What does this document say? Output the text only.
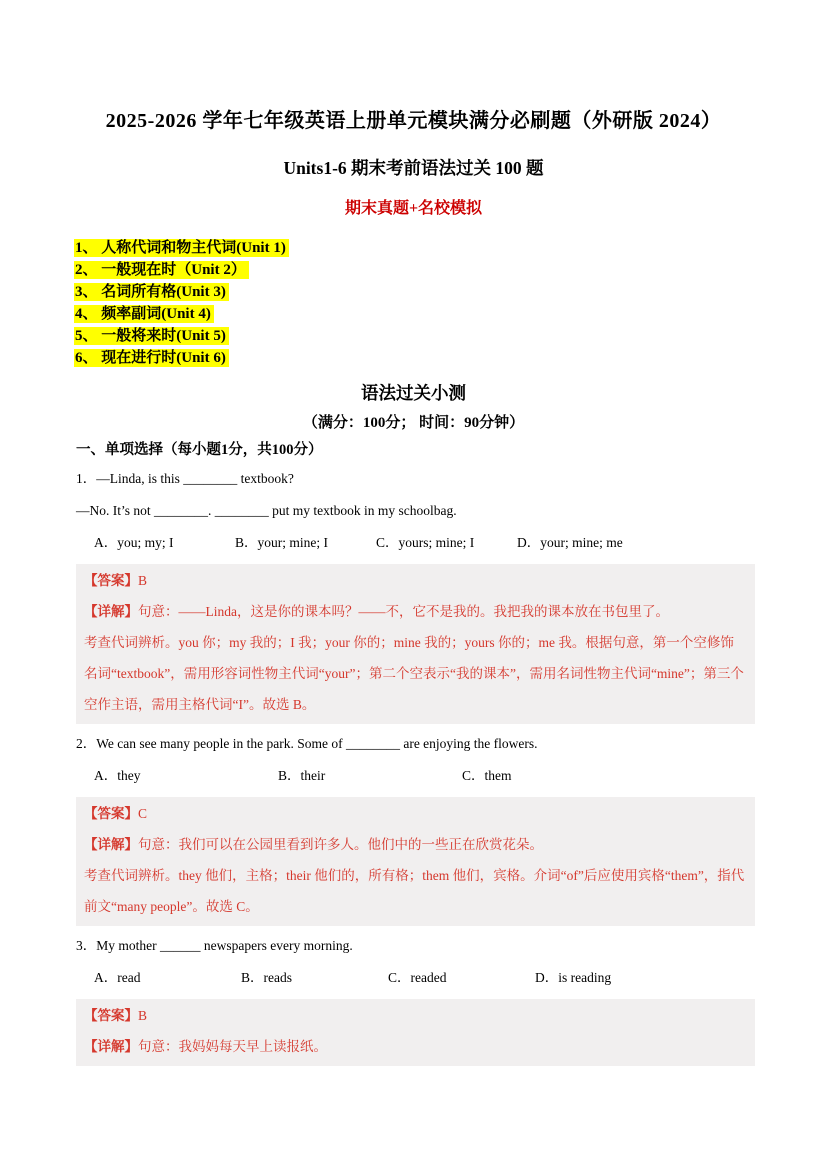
2025-2026 学年七年级英语上册单元模块满分必刷题（外研版 2024）
Units1-6 期末考前语法过关 100 题
期末真题+名校模拟
1、 人称代词和物主代词(Unit 1)
2、 一般现在时（Unit 2）
3、 名词所有格(Unit 3)
4、 频率副词(Unit 4)
5、 一般将来时(Unit 5)
6、 现在进行时(Unit 6)
语法过关小测
（满分：100分； 时间：90分钟）
一、单项选择（每小题1分，共100分）
1．—Linda, is this ________ textbook?
—No. It’s not ________. ________ put my textbook in my schoolbag.
A．you; my; I	B．your; mine; I	C．yours; mine; I	D．your; mine; me
【答案】B
【详解】句意：——Linda，这是你的课本吗？——不，它不是我的。我把我的课本放在书包里了。
考查代词辨析。you 你；my 我的；I 我；your 你的；mine 我的；yours 你的；me 我。根据句意，第一个空修饰名词“textbook”，需用形容词性物主代词“your”；第二个空表示“我的课本”，需用名词性物主代词“mine”；第三个空作主语，需用主格代词“I”。故选 B。
2．We can see many people in the park. Some of ________ are enjoying the flowers.
A．they	B．their	C．them
【答案】C
【详解】句意：我们可以在公园里看到许多人。他们中的一些正在欣赏花朵。
考查代词辨析。they 他们，主格；their 他们的，所有格；them 他们，宾格。介词“of”后应使用宾格“them”，指代前文“many people”。故选 C。
3．My mother ______ newspapers every morning.
A．read	B．reads	C．readed	D．is reading
【答案】B
【详解】句意：我妈妈每天早上读报纸。
